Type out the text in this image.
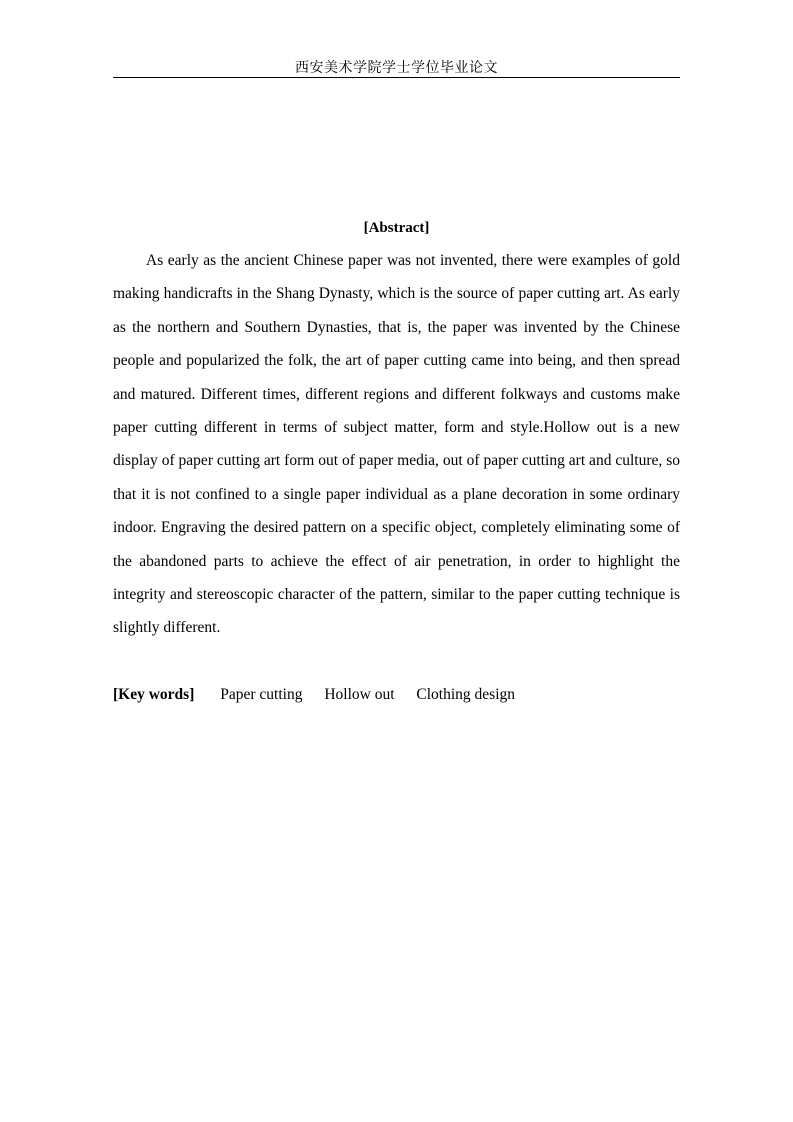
西安美术学院学士学位毕业论文
[Abstract]

As early as the ancient Chinese paper was not invented, there were examples of gold making handicrafts in the Shang Dynasty, which is the source of paper cutting art. As early as the northern and Southern Dynasties, that is, the paper was invented by the Chinese people and popularized the folk, the art of paper cutting came into being, and then spread and matured. Different times, different regions and different folkways and customs make paper cutting different in terms of subject matter, form and style.Hollow out is a new display of paper cutting art form out of paper media, out of paper cutting art and culture, so that it is not confined to a single paper individual as a plane decoration in some ordinary indoor. Engraving the desired pattern on a specific object, completely eliminating some of the abandoned parts to achieve the effect of air penetration, in order to highlight the integrity and stereoscopic character of the pattern, similar to the paper cutting technique is slightly different.

[Key words] Paper cutting Hollow out Clothing design
